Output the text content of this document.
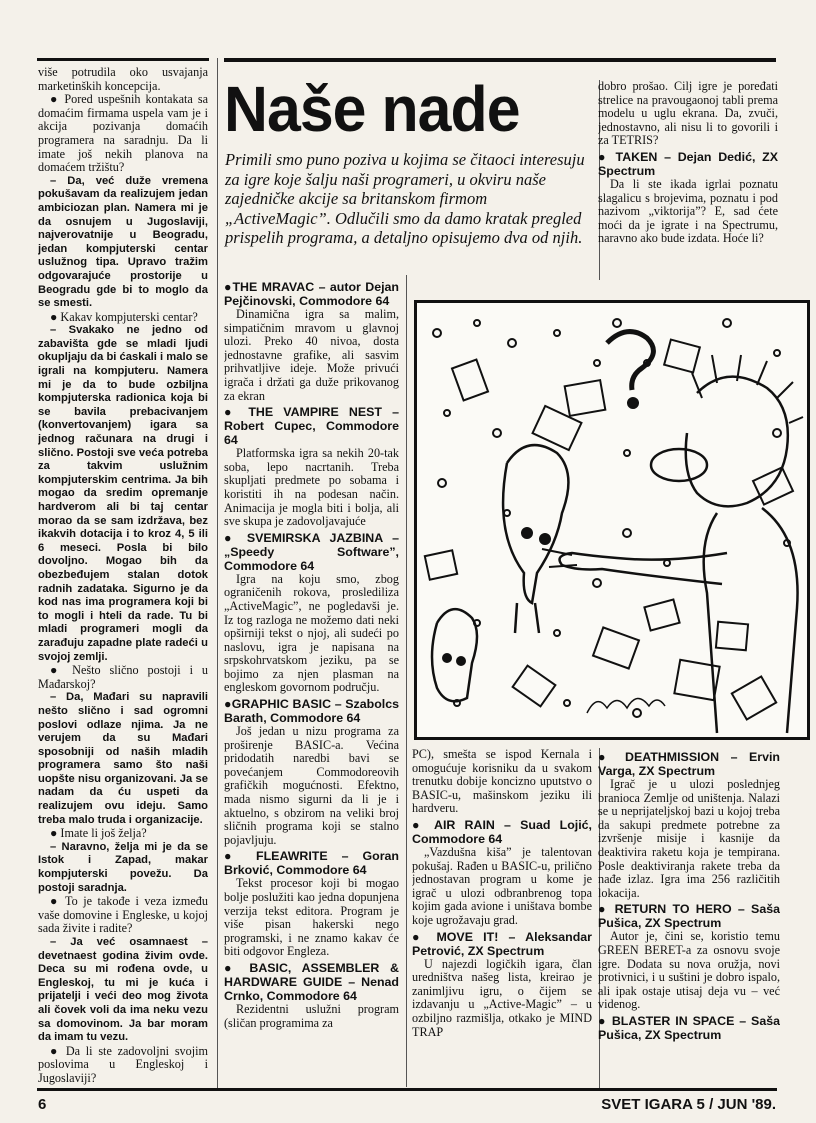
više potrudila oko usvajanja marketinških koncepcija.

● Pored uspešnih kontakata sa domaćim firmama uspela vam je i akcija pozivanja domaćih programera na saradnju. Da li imate još nekih planova na domaćem tržištu?

– Da, već duže vremena pokušavam da realizujem jedan ambiciozan plan. Namera mi je da osnujem u Jugoslaviji, najverovatnije u Beogradu, jedan kompjuterski centar uslužnog tipa. Upravo tražim odgovarajuće prostorije u Beogradu gde bi to moglo da se smesti.

● Kakav kompjuterski centar?

– Svakako ne jedno od zabavišta gde se mladi ljudi okupljaju da bi ćaskali i malo se igrali na kompjuteru. Namera mi je da to bude ozbiljna kompjuterska radionica koja bi se bavila prebacivanjem (konvertovanjem) igara sa jednog računara na drugi i slično. Postoji sve veća potreba za takvim uslužnim kompjuterskim centrima. Ja bih mogao da sredim opremanje hardverom ali bi taj centar moraо da se sam izdržava, bez ikakvih dotacija i to kroz 4, 5 ili 6 meseci. Posla bi bilo dovoljno. Mogao bih da obezbeđujem stalan dotok radnih zadataka. Sigurno je da kod nas ima programera koji bi to mogli i hteli da rade. Tu bi mladi programeri mogli da zarađuju zapadne plate radeći u svojoj zemlji.

● Nešto slično postoji i u Mađarskoj?

– Da, Mađari su napravili nešto slično i sad ogromni poslovi odlaze njima. Ja ne verujem da su Mađari sposobniji od naših mladih programera samo što naši uopšte nisu organizovani. Ja se nadam da ću uspeti da realizujem ovu ideju. Samo treba malo truda i organizacije.

● Imate li još želja?

– Naravno, želja mi je da se Istok i Zapad, makar kompjuterski povežu. Da postoji saradnja.

● To je takođe i veza između vaše domovine i Engleske, u kojoj sada živite i radite?

– Ja već osamnaest – devetnaest godina živim ovde. Deca su mi rođena ovde, u Engleskoj, tu mi je kuća i prijatelji i veći deo mog života ali čovek voli da ima neku vezu sa domovinom. Ja bar moram da imam tu vezu.

● Da li ste zadovoljni svojim poslovima u Engleskoj i Jugoslaviji?

Naše nade
Primili smo puno poziva u kojima se čitaoci interesuju za igre koje šalju naši programeri, u okviru naše zajedničke akcije sa britanskom firmom „ActiveMagic”. Odlučili smo da damo kratak pregled prispelih programa, a detaljno opisujemo dva od njih.

●THE MRAVAC – autor Dejan Pejčinovski, Commodore 64

Dinamična igra sa malim, simpatičnim mravom u glavnoj ulozi. Preko 40 nivoa, dosta jednostavne grafike, ali sasvim prihvatljive ideje. Može privući igrača i držati ga duže prikovanog za ekran

● THE VAMPIRE NEST – Robert Cupec, Commodore 64

Platformska igra sa nekih 20-tak soba, lepo nacrtanih. Treba skupljati predmete po sobama i koristiti ih na podesan način. Animacija je mogla biti i bolja, ali sve skupa je zadovoljavajuće

● SVEMIRSKA JAZBINA – „Speedy Software”, Commodore 64

Igra na koju smo, zbog ograničenih rokova, proslediliza „ActiveMagic”, ne pogledavši je. Iz tog razloga ne možemo dati neki opširniji tekst o njoj, ali sudeći po naslovu, igra je napisana na srpskohrvatskom jeziku, pa se bojimo za njen plasman na engleskom govornom području.

●GRAPHIC BASIC – Szabolcs Barath, Commodore 64

Još jedan u nizu programa za proširenje BASIC-a. Većina pridodatih naredbi bavi se povećanjem Commodoreovih grafičkih mogućnosti. Efektno, mada nismo sigurni da li je i aktuelno, s obzirom na veliki broj sličnih programa koji se stalno pojavljuju.

● FLEAWRITE – Goran Brković, Commodore 64

Tekst procesor koji bi mogao bolje poslužiti kao jedna dopunjena verzija tekst editora. Program je više pisan hakerski nego programski, i ne znamo kakav će biti odgovor Engleza.

● BASIC, ASSEMBLER & HARDWARE GUIDE – Nenad Crnko, Commodore 64

Rezidentni uslužni program (sličan programima za

PC), smešta se ispod Kernala i omogućuje korisniku da u svakom trenutku dobije koncizno uputstvo o BASIC-u, mašinskom jeziku ili hardveru.

● AIR RAIN – Suad Lojić, Commodore 64

„Vazdušna kiša” je talentovan pokušaj. Rađen u BASIC-u, prilično jednostavan program u kome je igrač u ulozi odbranbrenog topa kojim gada avione i uništava bombe koje ugrožavaju grad.

● MOVE IT! – Aleksandar Petrović, ZX Spectrum

U najezdi logičkih igara, član uredništva našeg lista, kreirao je zanimljivu igru, o čijem se izdavanju u „Active-Magic” – u ozbiljno razmišlja, otkako je MIND TRAP

dobro prošao. Cilj igre je poređati strelice na pravougaonoj tabli prema modelu u uglu ekrana. Da, zvuči, jednostavno, ali nisu li to govorili i za TETRIS?

● TAKEN – Dejan Dedić, ZX Spectrum

Da li ste ikada igrlai poznatu slagalicu s brojevima, poznatu i pod nazivom „viktorija”? E, sad ćete moći da je igrate i na Spectrumu, naravno ako bude izdata. Hoće li?

● DEATHMISSION – Ervin Varga, ZX Spectrum

Igrač je u ulozi poslednjeg branioca Zemlje od uništenja. Nalazi se u neprijateljskoj bazi u kojoj treba da sakupi predmete potrebne za izvršenje misije i kasnije da deaktivira raketu koja je tempirana. Posle deaktiviranja rakete treba da nađe izlaz. Igra ima 256 različitih lokacija.

● RETURN TO HERO – Saša Pušica, ZX Spectrum

Autor je, čini se, koristio temu GREEN BERET-a za osnovu svoje igre. Dodata su nova oružja, novi protivnici, i u suštini je dobro ispalo, ali ipak ostaje utisaj deja vu – već videnog.

● BLASTER IN SPACE – Saša Pušica, ZX Spectrum

6	SVET IGARA 5 / JUN '89.
